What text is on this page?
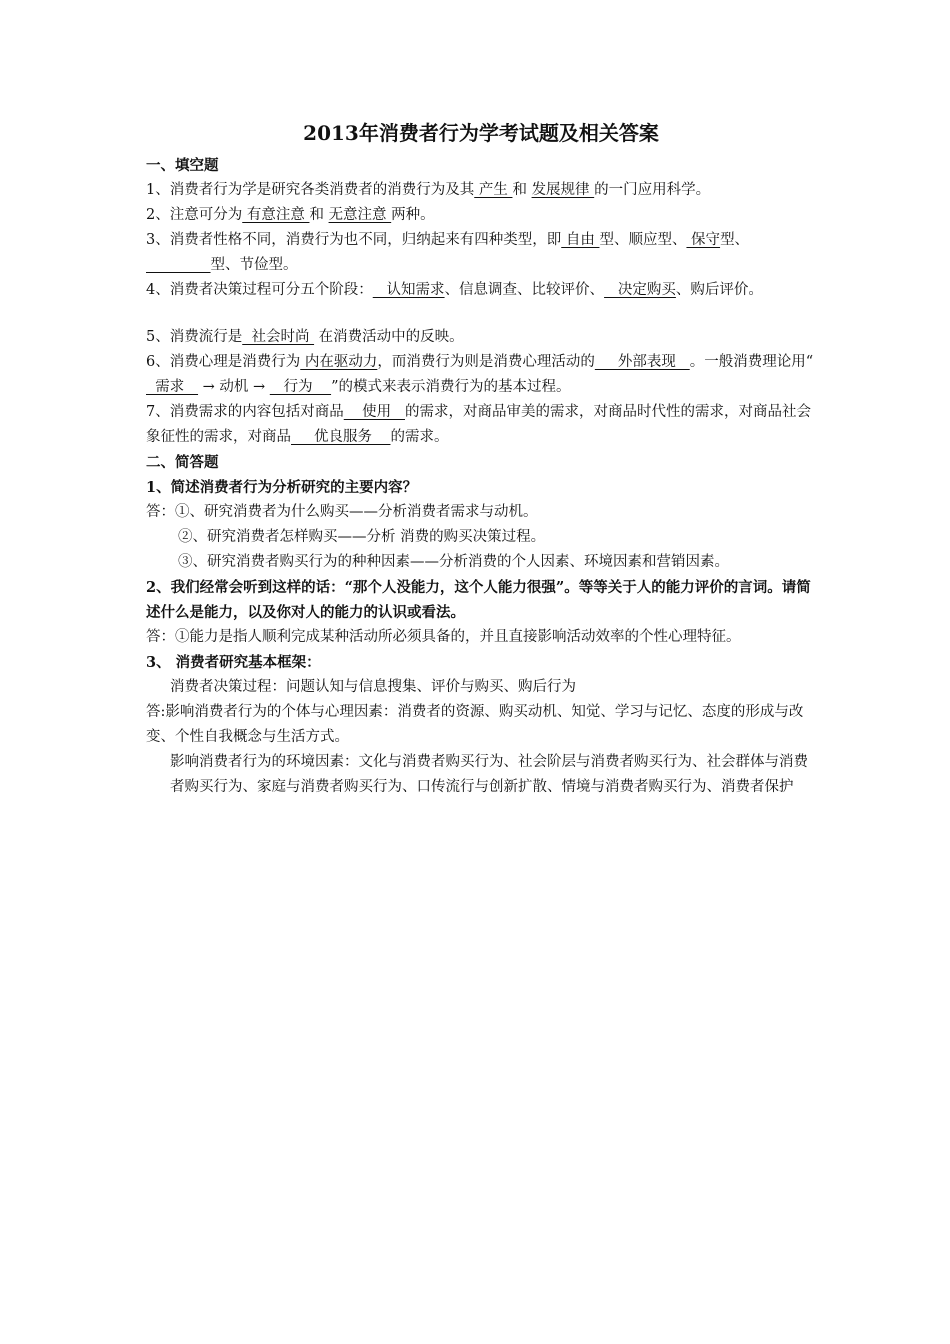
2013年消费者行为学考试题及相关答案

一、填空题

1、消费者行为学是研究各类消费者的消费行为及其 产生 和 发展规律 的一门应用科学。

2、注意可分为 有意注意 和 无意注意 两种。

3、消费者性格不同，消费行为也不同，归纳起来有四种类型，即 自由 型、顺应型、 保守型、              型、节俭型。

4、消费者决策过程可分五个阶段：   认知需求、信息调查、比较评价、   决定购买、购后评价。

5、消费流行是  社会时尚  在消费活动中的反映。

6、消费心理是消费行为 内在驱动力，而消费行为则是消费心理活动的     外部表现   。一般消费理论用“  需求    → 动机 →    行为    ”的模式来表示消费行为的基本过程。

7、消费需求的内容包括对商品    使用   的需求，对商品审美的需求，对商品时代性的需求，对商品社会象征性的需求，对商品     优良服务    的需求。

二、简答题

1、简述消费者行为分析研究的主要内容？

答：①、研究消费者为什么购买——分析消费者需求与动机。

②、研究消费者怎样购买——分析 消费的购买决策过程。

③、研究消费者购买行为的种种因素——分析消费的个人因素、环境因素和营销因素。

2、我们经常会听到这样的话：“那个人没能力，这个人能力很强”。等等关于人的能力评价的言词。请简述什么是能力，以及你对人的能力的认识或看法。

答：①能力是指人顺利完成某种活动所必须具备的，并且直接影响活动效率的个性心理特征。

3、 消费者研究基本框架：

消费者决策过程：问题认知与信息搜集、评价与购买、购后行为

答:影响消费者行为的个体与心理因素：消费者的资源、购买动机、知觉、学习与记忆、态度的形成与改变、个性自我概念与生活方式。

影响消费者行为的环境因素：文化与消费者购买行为、社会阶层与消费者购买行为、社会群体与消费者购买行为、家庭与消费者购买行为、口传流行与创新扩散、情境与消费者购买行为、消费者保护
